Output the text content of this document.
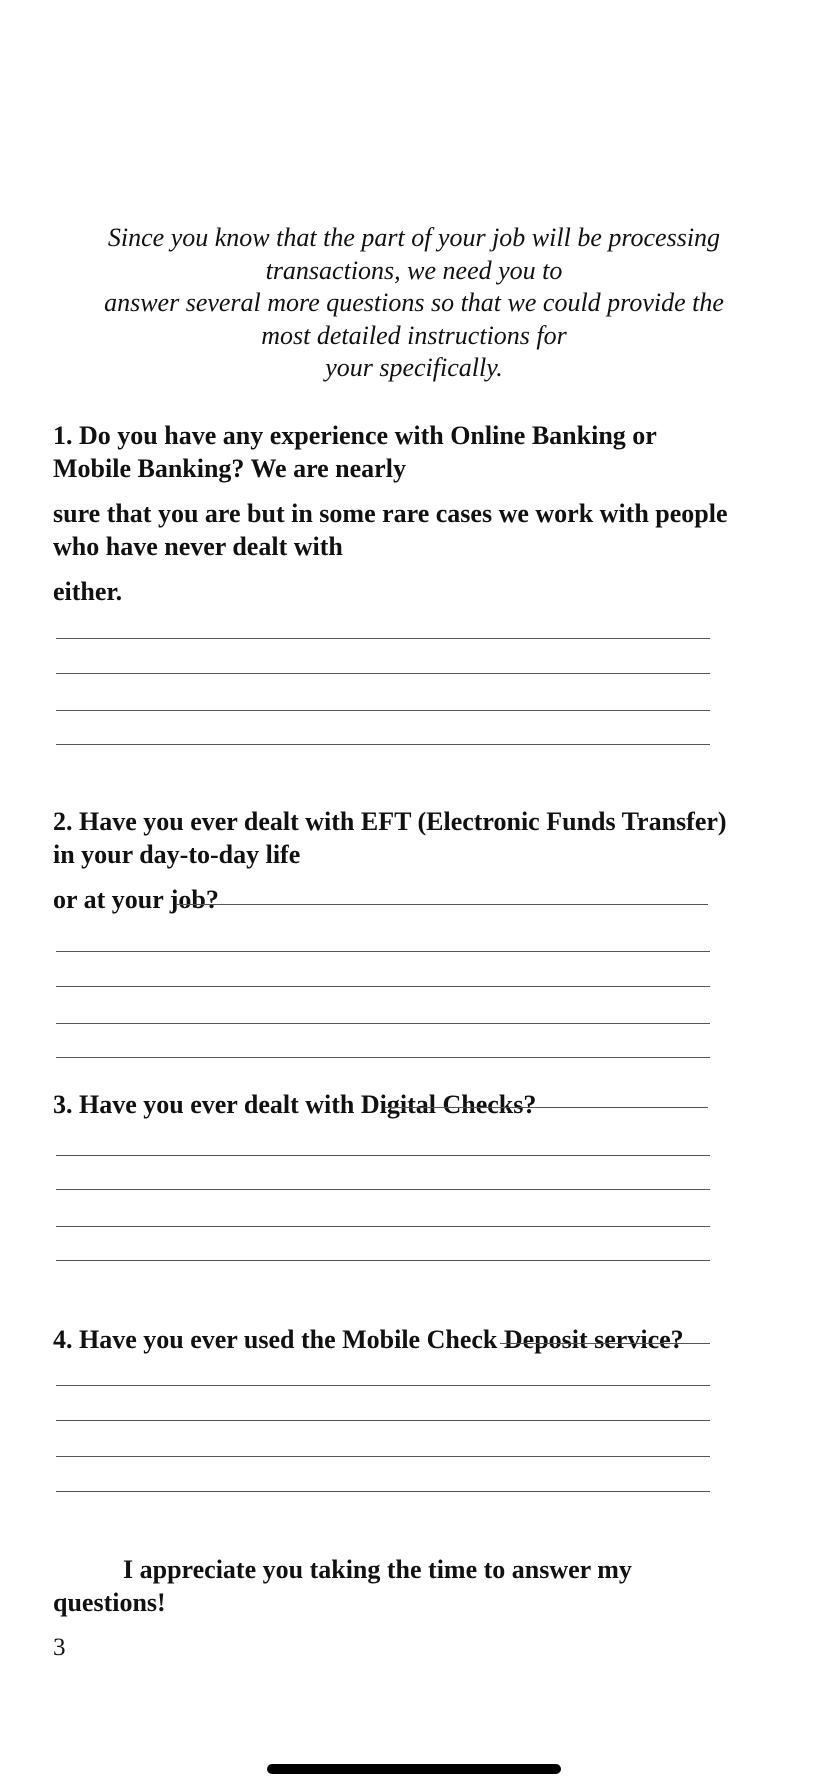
Since you know that the part of your job will be processing
transactions, we need you to
answer several more questions so that we could provide the
most detailed instructions for
your specifically.
1. Do you have any experience with Online Banking or
Mobile Banking? We are nearly
sure that you are but in some rare cases we work with people
who have never dealt with
either.
2. Have you ever dealt with EFT (Electronic Funds Transfer)
in your day-to-day life
or at your job?
3. Have you ever dealt with Digital Checks?
4. Have you ever used the Mobile Check Deposit service?
I appreciate you taking the time to answer my
questions!
3
